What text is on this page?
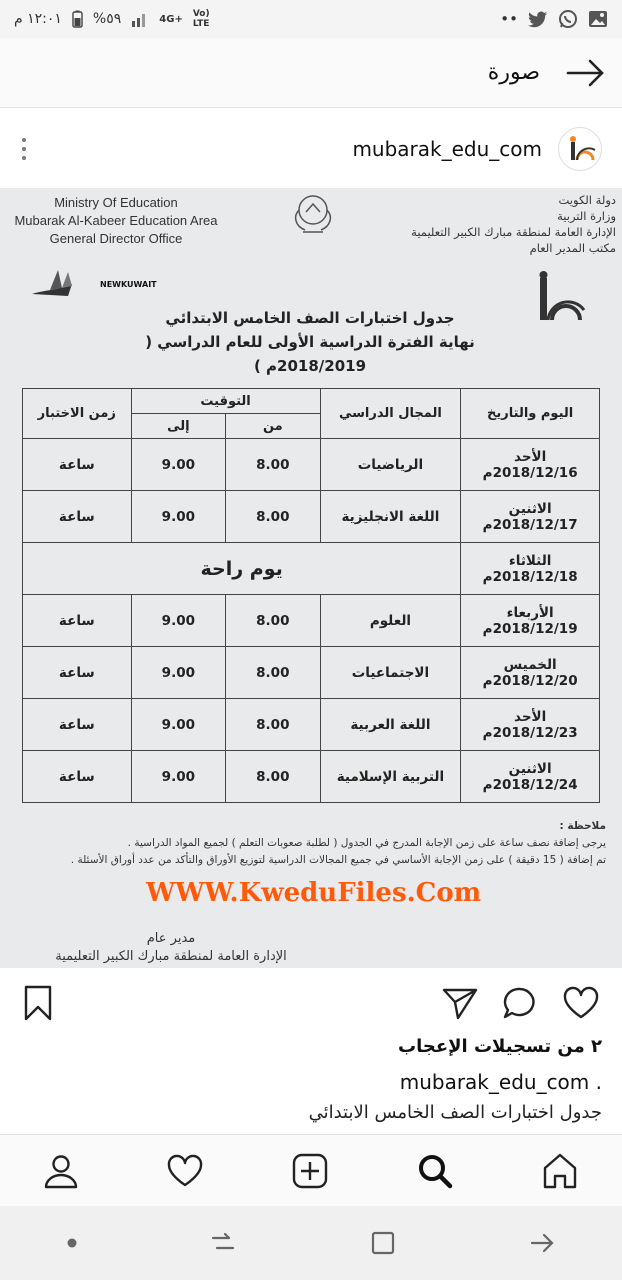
١٢:٠١ م %٥٩	4G+ Vo) LTE	••
صورة
mubarak_edu_com
Ministry Of Education
Mubarak Al-Kabeer Education Area
General Director Office
دولة الكويت
وزارة التربية
الإدارة العامة لمنطقة مبارك الكبير التعليمية
مكتب المدير العام
NEWKUWAIT
جدول اختبارات الصف الخامس الابتدائي
نهاية الفترة الدراسية الأولى للعام الدراسي ( 2018/2019م )
اليوم والتاريخ	المجال الدراسي	التوقيت		زمن الاختبار
		من	إلى	

الأحد
2018/12/16م	الرياضيات	8.00	9.00	ساعة

الاثنين
2018/12/17م	اللغة الانجليزية	8.00	9.00	ساعة

الثلاثاء
2018/12/18م	يوم راحة			

الأربعاء
2018/12/19م	العلوم	8.00	9.00	ساعة

الخميس
2018/12/20م	الاجتماعيات	8.00	9.00	ساعة

الأحد
2018/12/23م	اللغة العربية	8.00	9.00	ساعة

الاثنين
2018/12/24م	التربية الإسلامية	8.00	9.00	ساعة
ملاحظة :
يرجى إضافة نصف ساعة على زمن الإجابة المدرج في الجدول ( لطلبة صعوبات التعلم ) لجميع المواد الدراسية .
تم إضافة ( 15 دقيقة ) على زمن الإجابة الأساسي في جميع المجالات الدراسية لتوزيع الأوراق والتأكد من عدد أوراق الأسئلة .
WWW.KweduFiles.Com
مدير عام
الإدارة العامة لمنطقة مبارك الكبير التعليمية
٢ من تسجيلات الإعجاب
mubarak_edu_com .
جدول اختبارات الصف الخامس الابتدائي
